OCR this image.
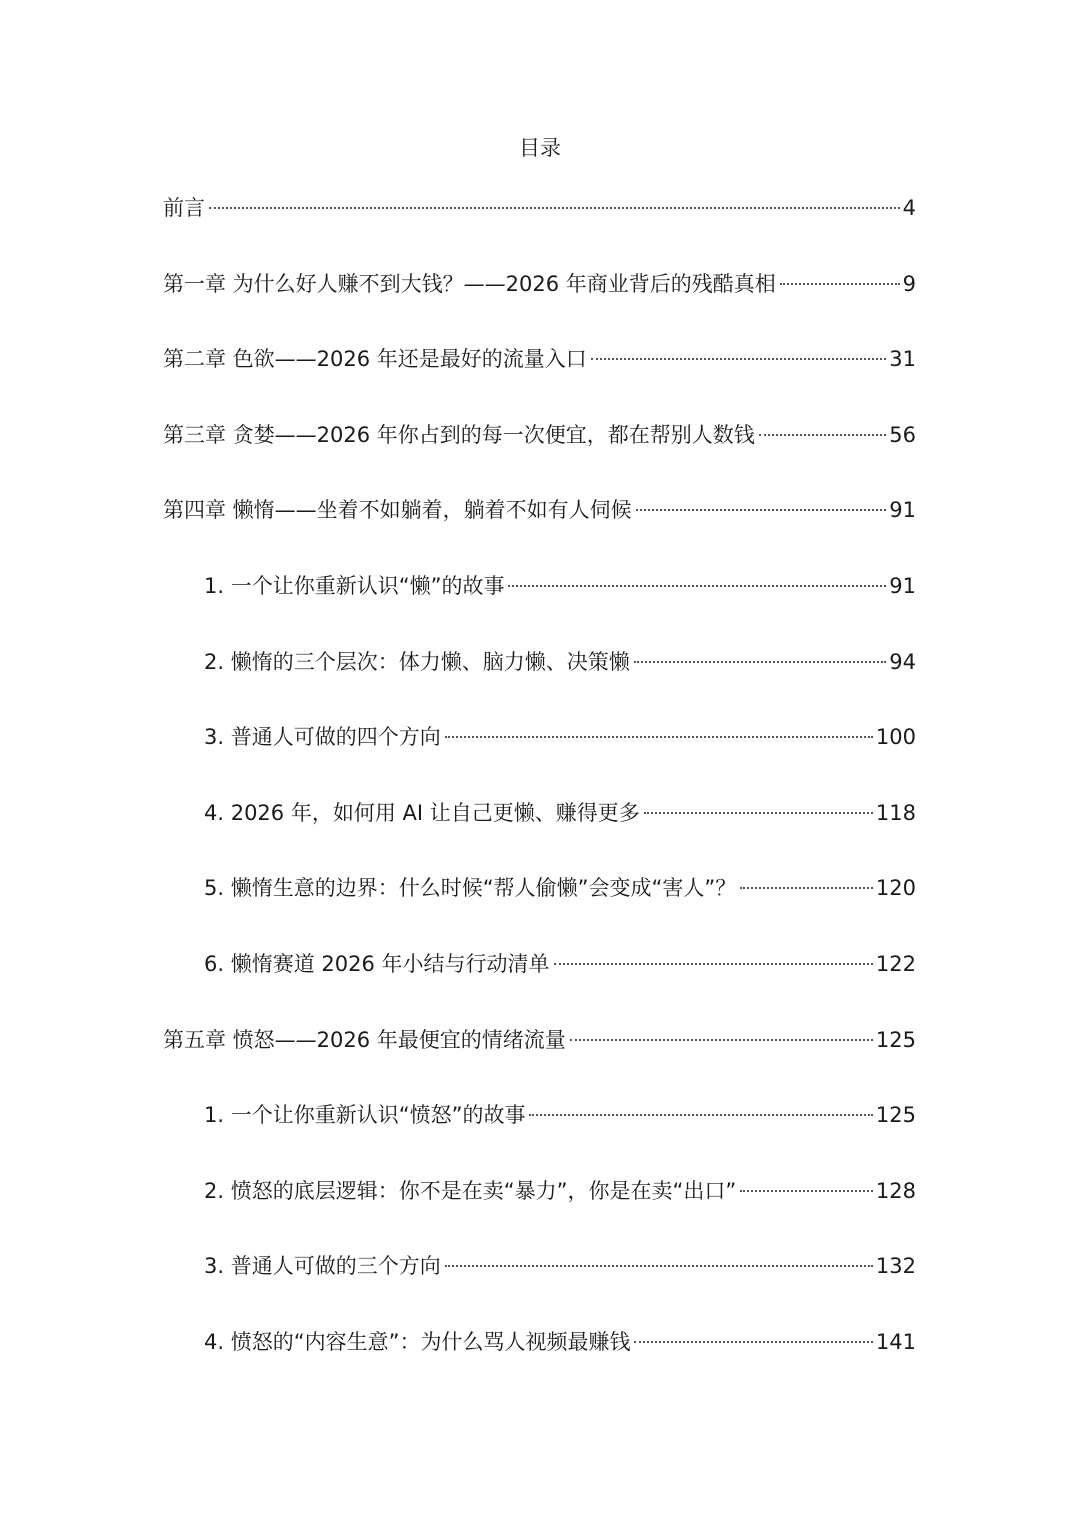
目录
前言	4
第一章 为什么好人赚不到大钱？——2026 年商业背后的残酷真相	9
第二章 色欲——2026 年还是最好的流量入口	31
第三章 贪婪——2026 年你占到的每一次便宜，都在帮别人数钱	56
第四章 懒惰——坐着不如躺着，躺着不如有人伺候	91
1. 一个让你重新认识“懒”的故事	91
2. 懒惰的三个层次：体力懒、脑力懒、决策懒	94
3. 普通人可做的四个方向	100
4. 2026 年，如何用 AI 让自己更懒、赚得更多	118
5. 懒惰生意的边界：什么时候“帮人偷懒”会变成“害人”？	120
6. 懒惰赛道 2026 年小结与行动清单	122
第五章 愤怒——2026 年最便宜的情绪流量	125
1. 一个让你重新认识“愤怒”的故事	125
2. 愤怒的底层逻辑：你不是在卖“暴力”，你是在卖“出口”	128
3. 普通人可做的三个方向	132
4. 愤怒的“内容生意”：为什么骂人视频最赚钱	141
